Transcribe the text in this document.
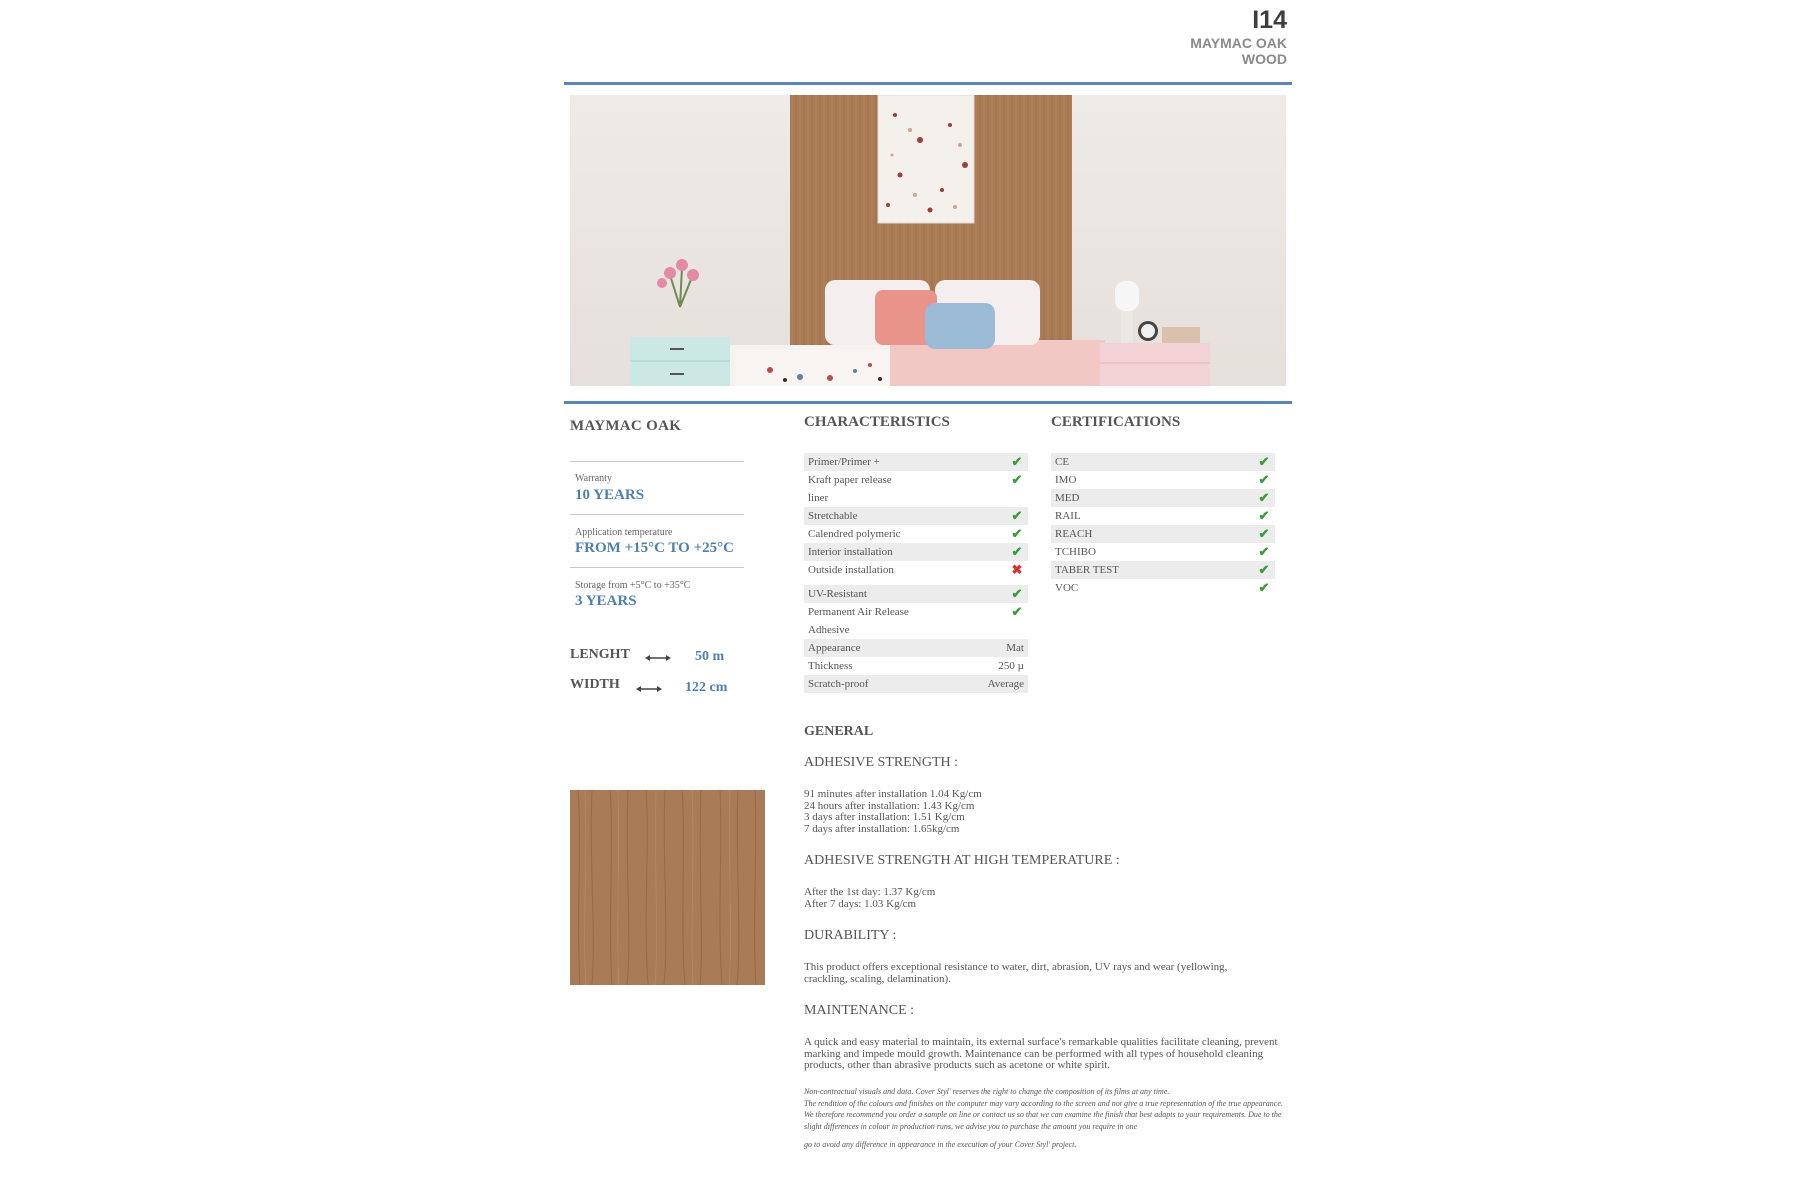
I14
MAYMAC OAK
WOOD
MAYMAC OAK
Warranty
10 YEARS
Application temperature
FROM +15°C TO +25°C
Storage from +5°C to +35°C
3 YEARS
LENGHT	50 m
WIDTH	122 cm
CHARACTERISTICS
Primer/Primer +	✔
Kraft paper release	✔
liner
Stretchable	✔
Calendred polymeric	✔
Interior installation	✔
Outside installation	✖
UV-Resistant	✔
Permanent Air Release	✔
Adhesive
Appearance	Mat
Thickness	250 µ
Scratch-proof	Average
CERTIFICATIONS
CE	✔
IMO	✔
MED	✔
RAIL	✔
REACH	✔
TCHIBO	✔
TABER TEST	✔
VOC	✔
GENERAL
ADHESIVE STRENGTH :
91 minutes after installation 1.04 Kg/cm
24 hours after installation: 1.43 Kg/cm
3 days after installation: 1.51 Kg/cm
7 days after installation: 1.65kg/cm
ADHESIVE STRENGTH AT HIGH TEMPERATURE :
After the 1st day: 1.37 Kg/cm
After 7 days: 1.03 Kg/cm
DURABILITY :
This product offers exceptional resistance to water, dirt, abrasion, UV rays and wear (yellowing, crackling, scaling, delamination).
MAINTENANCE :
A quick and easy material to maintain, its external surface's remarkable qualities facilitate cleaning, prevent marking and impede mould growth. Maintenance can be performed with all types of household cleaning products, other than abrasive products such as acetone or white spirit.
Non-contractual visuals and data. Cover Styl' reserves the right to change the composition of its films at any time.
The rendition of the colours and finishes on the computer may vary according to the screen and not give a true representation of the true appearance. We therefore recommend you order a sample on line or contact us so that we can examine the finish that best adapts to your requirements. Due to the slight differences in colour in production runs, we advise you to purchase the amount you require in one
go to avoid any difference in appearance in the execution of your Cover Styl' project.
